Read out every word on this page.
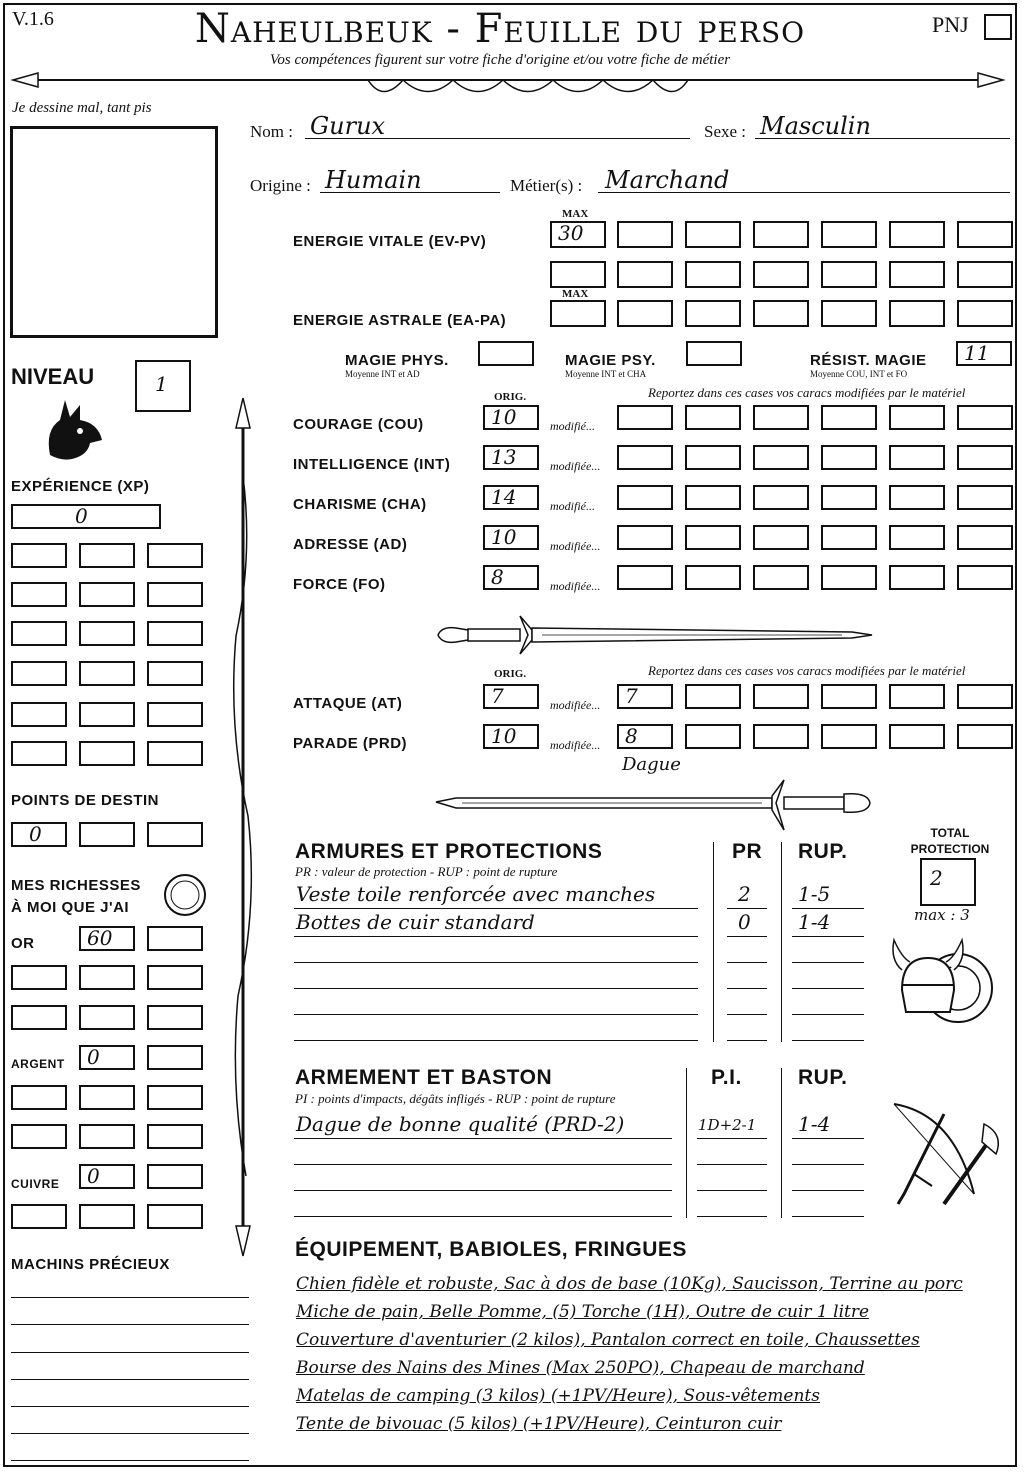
V.1.6	Naheulbeuk - Feuille du perso
Vos compétences figurent sur votre fiche d'origine et/ou votre fiche de métier
PNJ
Je dessine mal, tant pis
Nom : Gurux	Sexe : Masculin
Origine : Humain	Métier(s) : Marchand
ENERGIE VITALE (EV-PV)
MAX
30
ENERGIE ASTRALE (EA-PA)
MAX
MAGIE PHYS.
Moyenne INT et AD
MAGIE PSY.
Moyenne INT et CHA
RÉSIST. MAGIE
Moyenne COU, INT et FO
11
NIVEAU	1
EXPÉRIENCE (XP)
0
POINTS DE DESTIN
0
MES RICHESSES
À MOI QUE J'AI
OR	60
ARGENT 0
CUIVRE 0
MACHINS PRÉCIEUX
ORIG.	Reportez dans ces cases vos caracs modifiées par le matériel
ORIG.	Reportez dans ces cases vos caracs modifiées par le matériel
Dague
ARMURES ET PROTECTIONS
PR : valeur de protection - RUP : point de rupture
PR RUP.
TOTAL
PROTECTION
2
max : 3
ARMEMENT ET BASTON
PI : points d'impacts, dégâts infligés - RUP : point de rupture
P.I.	RUP.
ÉQUIPEMENT, BABIOLES, FRINGUES
COURAGE (COU)	10	modifié...
INTELLIGENCE (INT) 13	modifiée...
CHARISME (CHA)	14	modifié...
ADRESSE (AD)	10	modifiée...
FORCE (FO)	8	modifiée...
ATTAQUE (AT)	7	modifiée... 7
PARADE (PRD)	10	modifiée... 8
Veste toile renforcée avec manches	2 1-5
Bottes de cuir standard	0 1-4
Dague de bonne qualité (PRD-2)	1D+2-1 1-4
Chien fidèle et robuste, Sac à dos de base (10Kg), Saucisson, Terrine au porc
Miche de pain, Belle Pomme, (5) Torche (1H), Outre de cuir 1 litre
Couverture d'aventurier (2 kilos), Pantalon correct en toile, Chaussettes
Bourse des Nains des Mines (Max 250PO), Chapeau de marchand
Matelas de camping (3 kilos) (+1PV/Heure), Sous-vêtements
Tente de bivouac (5 kilos) (+1PV/Heure), Ceinturon cuir
